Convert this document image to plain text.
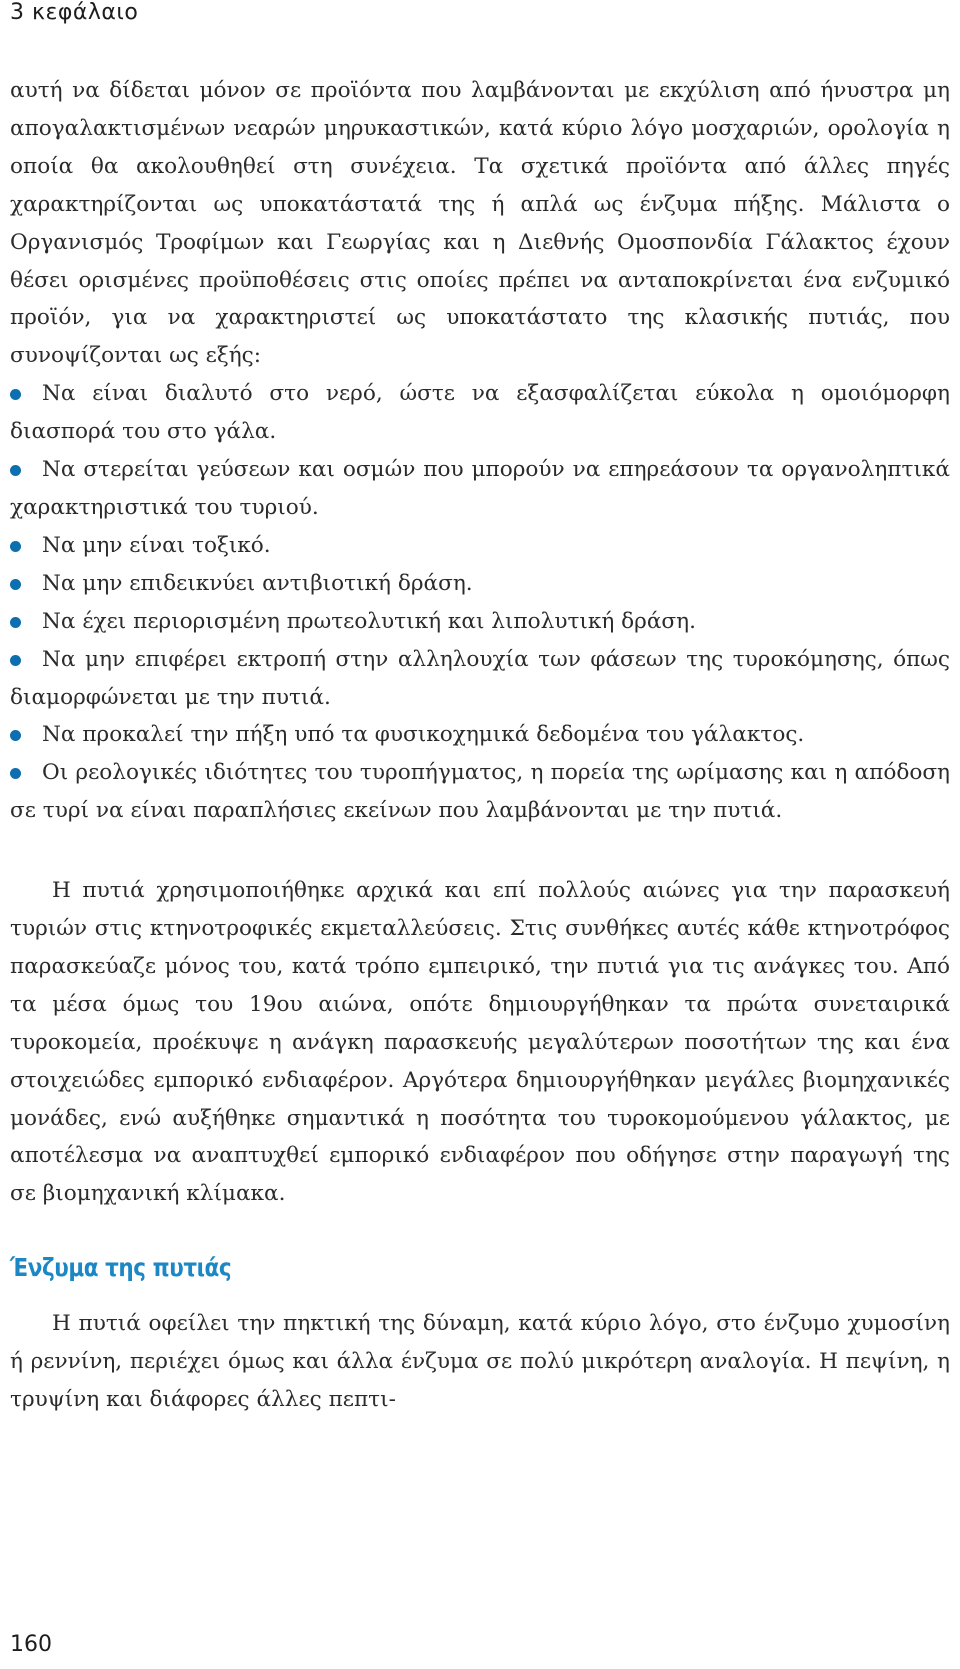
3 κεφάλαιο

αυτή να δίδεται μόνον σε προϊόντα που λαμβάνονται με εκχύλιση από ήνυστρα μη απογαλακτισμένων νεαρών μηρυκαστικών, κατά κύριο λόγο μοσχαριών, ορολογία η οποία θα ακολουθηθεί στη συνέχεια. Τα σχετικά προϊόντα από άλλες πηγές χαρακτηρίζονται ως υποκατάστατά της ή απλά ως ένζυμα πήξης. Μάλιστα ο Οργανισμός Τροφίμων και Γεωργίας και η Διεθνής Ομοσπονδία Γάλακτος έχουν θέσει ορισμένες προϋποθέσεις στις οποίες πρέπει να ανταποκρίνεται ένα ενζυμικό προϊόν, για να χαρακτηριστεί ως υποκατάστατο της κλασικής πυτιάς, που συνοψίζονται ως εξής:

Να είναι διαλυτό στο νερό, ώστε να εξασφαλίζεται εύκολα η ομοιόμορφη διασπορά του στο γάλα.

Να στερείται γεύσεων και οσμών που μπορούν να επηρεάσουν τα οργανοληπτικά χαρακτηριστικά του τυριού.

Να μην είναι τοξικό.

Να μην επιδεικνύει αντιβιοτική δράση.

Να έχει περιορισμένη πρωτεολυτική και λιπολυτική δράση.

Να μην επιφέρει εκτροπή στην αλληλουχία των φάσεων της τυροκόμησης, όπως διαμορφώνεται με την πυτιά.

Να προκαλεί την πήξη υπό τα φυσικοχημικά δεδομένα του γάλακτος.

Οι ρεολογικές ιδιότητες του τυροπήγματος, η πορεία της ωρίμασης και η απόδοση σε τυρί να είναι παραπλήσιες εκείνων που λαμβάνονται με την πυτιά.

Η πυτιά χρησιμοποιήθηκε αρχικά και επί πολλούς αιώνες για την παρασκευή τυριών στις κτηνοτροφικές εκμεταλλεύσεις. Στις συνθήκες αυτές κάθε κτηνοτρόφος παρασκεύαζε μόνος του, κατά τρόπο εμπειρικό, την πυτιά για τις ανάγκες του. Από τα μέσα όμως του 19ου αιώνα, οπότε δημιουργήθηκαν τα πρώτα συνεταιρικά τυροκομεία, προέκυψε η ανάγκη παρασκευής μεγαλύτερων ποσοτήτων της και ένα στοιχειώδες εμπορικό ενδιαφέρον. Αργότερα δημιουργήθηκαν μεγάλες βιομηχανικές μονάδες, ενώ αυξήθηκε σημαντικά η ποσότητα του τυροκομούμενου γάλακτος, με αποτέλεσμα να αναπτυχθεί εμπορικό ενδιαφέρον που οδήγησε στην παραγωγή της σε βιομηχανική κλίμακα.

Ένζυμα της πυτιάς

Η πυτιά οφείλει την πηκτική της δύναμη, κατά κύριο λόγο, στο ένζυμο χυμοσίνη ή ρεννίνη, περιέχει όμως και άλλα ένζυμα σε πολύ μικρότερη αναλογία. Η πεψίνη, η τρυψίνη και διάφορες άλλες πεπτι-

160
